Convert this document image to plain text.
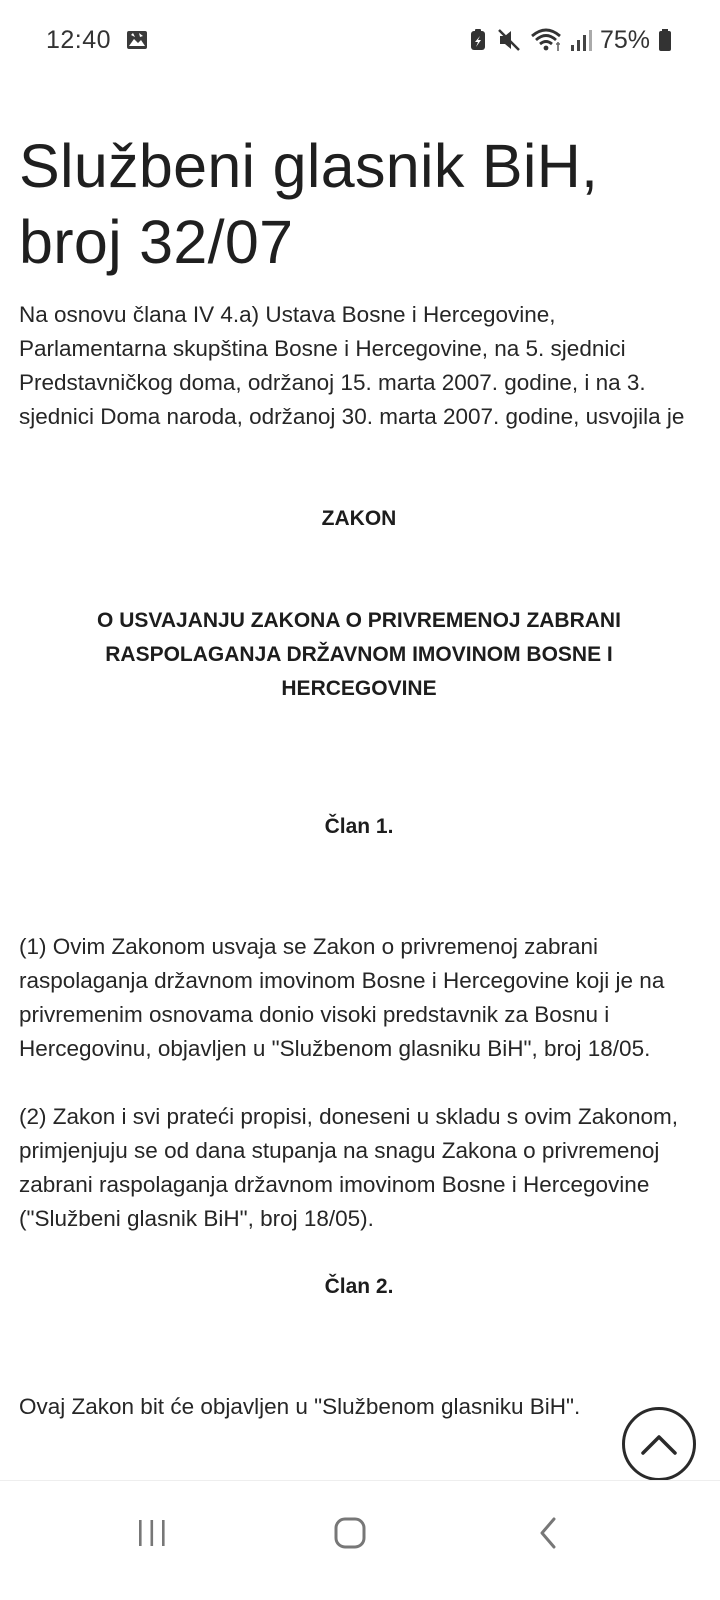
12:40	75%
Službeni glasnik BiH, broj 32/07

Na osnovu člana IV 4.a) Ustava Bosne i Hercegovine, Parlamentarna skupština Bosne i Hercegovine, na 5. sjednici Predstavničkog doma, održanoj 15. marta 2007. godine, i na 3. sjednici Doma naroda, održanoj 30. marta 2007. godine, usvojila je

ZAKON

O USVAJANJU ZAKONA O PRIVREMENOJ ZABRANI RASPOLAGANJA DRŽAVNOM IMOVINOM BOSNE I HERCEGOVINE

Član 1.

(1) Ovim Zakonom usvaja se Zakon o privremenoj zabrani raspolaganja državnom imovinom Bosne i Hercegovine koji je na privremenim osnovama donio visoki predstavnik za Bosnu i Hercegovinu, objavljen u "Službenom glasniku BiH", broj 18/05.

(2) Zakon i svi prateći propisi, doneseni u skladu s ovim Zakonom, primjenjuju se od dana stupanja na snagu Zakona o privremenoj zabrani raspolaganja državnom imovinom Bosne i Hercegovine ("Službeni glasnik BiH", broj 18/05).

Član 2.

Ovaj Zakon bit će objavljen u "Službenom glasniku BiH".
